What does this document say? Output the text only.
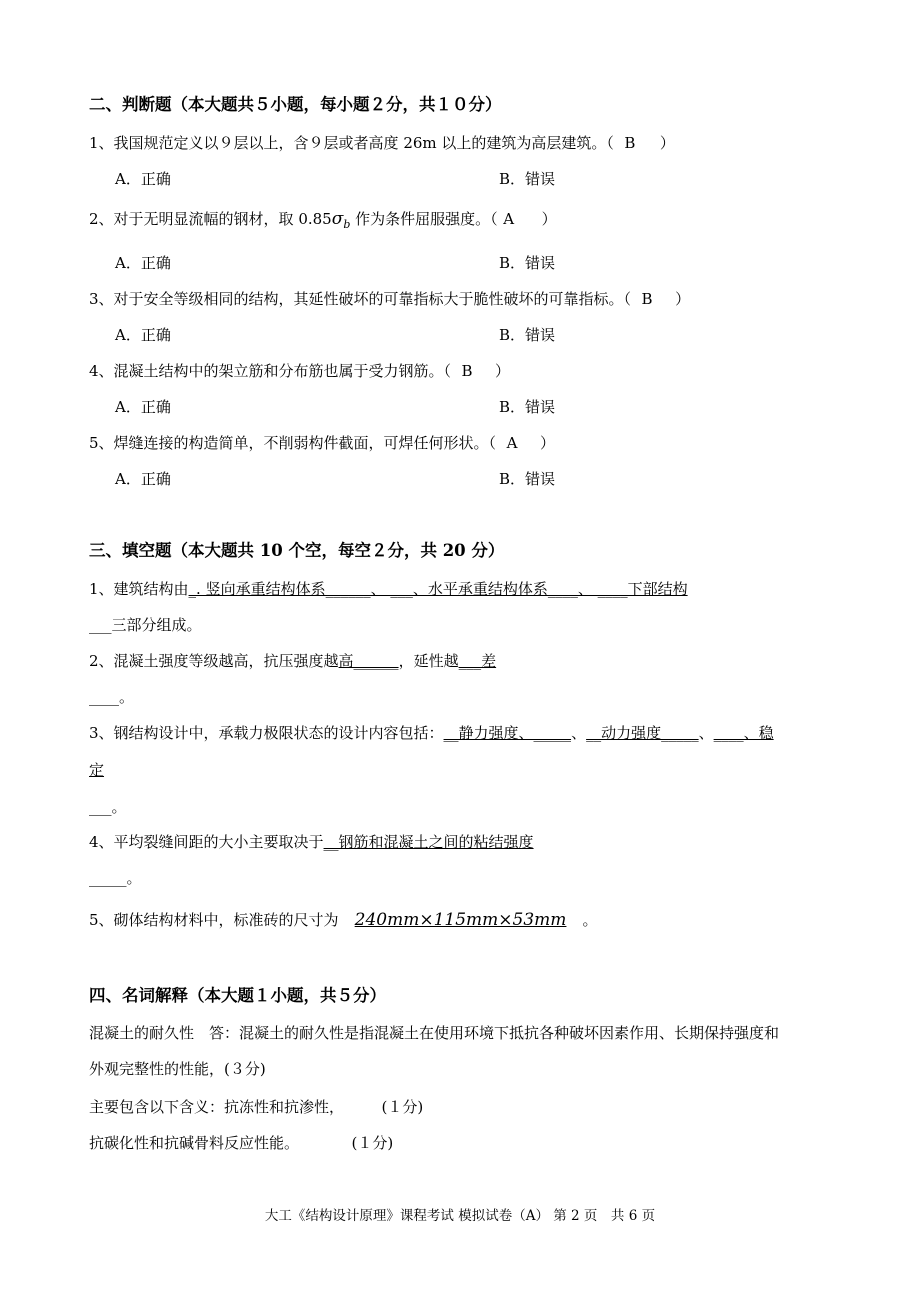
二、判断题（本大题共５小题，每小题２分，共１０分）
1、我国规范定义以９层以上，含９层或者高度 26m 以上的建筑为高层建筑。（ B ）
A．正确	B．错误
2、对于无明显流幅的钢材，取 $0.85\sigma_b$ 作为条件屈服强度。（ A ）
A．正确	B．错误
3、对于安全等级相同的结构，其延性破坏的可靠指标大于脆性破坏的可靠指标。（ B ）
A．正确	B．错误
4、混凝土结构中的架立筋和分布筋也属于受力钢筋。（ B ）
A．正确	B．错误
5、焊缝连接的构造简单，不削弱构件截面，可焊任何形状。（ A ）
A．正确	B．错误
三、填空题（本大题共 10 个空，每空２分，共 20 分）
1、建筑结构由_. 竖向承重结构体系______、 ___、水平承重结构体系____、 ____下部结构
___三部分组成。
2、混凝土强度等级越高，抗压强度越高______，延性越___差
____。
3、钢结构设计中，承载力极限状态的设计内容包括：__静力强度、_____、__动力强度_____、____、稳
定
___。
4、平均裂缝间距的大小主要取决于__钢筋和混凝土之间的粘结强度
_____。
5、砌体结构材料中，标准砖的尺寸为 240mm×115mm×53mm 。
四、名词解释（本大题１小题，共５分）
混凝土的耐久性　答：混凝土的耐久性是指混凝土在使用环境下抵抗各种破坏因素作用、长期保持强度和
外观完整性的性能，(３分)
主要包含以下含义：抗冻性和抗渗性，　　　(１分)
抗碳化性和抗碱骨料反应性能。　　　　(１分)
大工《结构设计原理》课程考试 模拟试卷（A） 第 2 页　共 6 页
